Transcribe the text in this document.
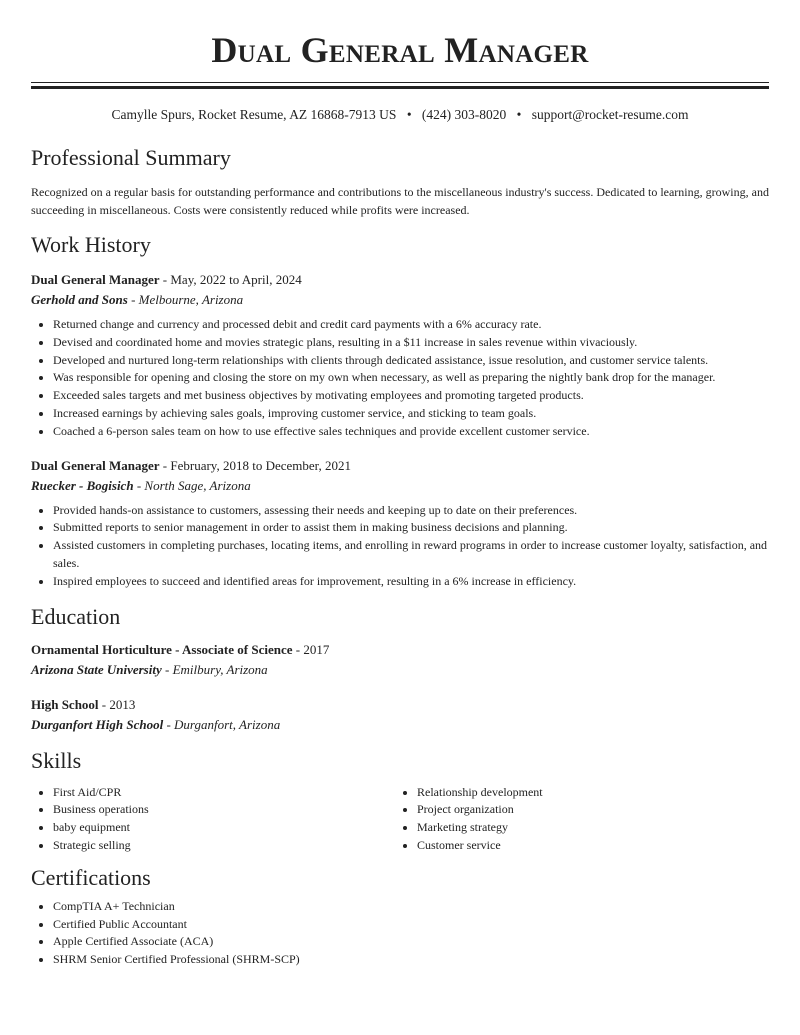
Dual General Manager
Camylle Spurs, Rocket Resume, AZ 16868-7913 US • (424) 303-8020 • support@rocket-resume.com
Professional Summary

Recognized on a regular basis for outstanding performance and contributions to the miscellaneous industry's success. Dedicated to learning, growing, and succeeding in miscellaneous. Costs were consistently reduced while profits were increased.

Work History
Dual General Manager - May, 2022 to April, 2024
Gerhold and Sons - Melbourne, Arizona
• Returned change and currency and processed debit and credit card payments with a 6% accuracy rate.
• Devised and coordinated home and movies strategic plans, resulting in a $11 increase in sales revenue within vivaciously.
• Developed and nurtured long-term relationships with clients through dedicated assistance, issue resolution, and customer service talents.
• Was responsible for opening and closing the store on my own when necessary, as well as preparing the nightly bank drop for the manager.
• Exceeded sales targets and met business objectives by motivating employees and promoting targeted products.
• Increased earnings by achieving sales goals, improving customer service, and sticking to team goals.
• Coached a 6-person sales team on how to use effective sales techniques and provide excellent customer service.
Dual General Manager - February, 2018 to December, 2021
Ruecker - Bogisich - North Sage, Arizona
• Provided hands-on assistance to customers, assessing their needs and keeping up to date on their preferences.
• Submitted reports to senior management in order to assist them in making business decisions and planning.
• Assisted customers in completing purchases, locating items, and enrolling in reward programs in order to increase customer loyalty, satisfaction, and sales.
• Inspired employees to succeed and identified areas for improvement, resulting in a 6% increase in efficiency.
Education
Ornamental Horticulture - Associate of Science - 2017
Arizona State University - Emilbury, Arizona
High School - 2013
Durganfort High School - Durganfort, Arizona
Skills
• First Aid/CPR
• Business operations
• baby equipment
• Strategic selling
• Relationship development
• Project organization
• Marketing strategy
• Customer service
Certifications
• CompTIA A+ Technician
• Certified Public Accountant
• Apple Certified Associate (ACA)
• SHRM Senior Certified Professional (SHRM-SCP)
